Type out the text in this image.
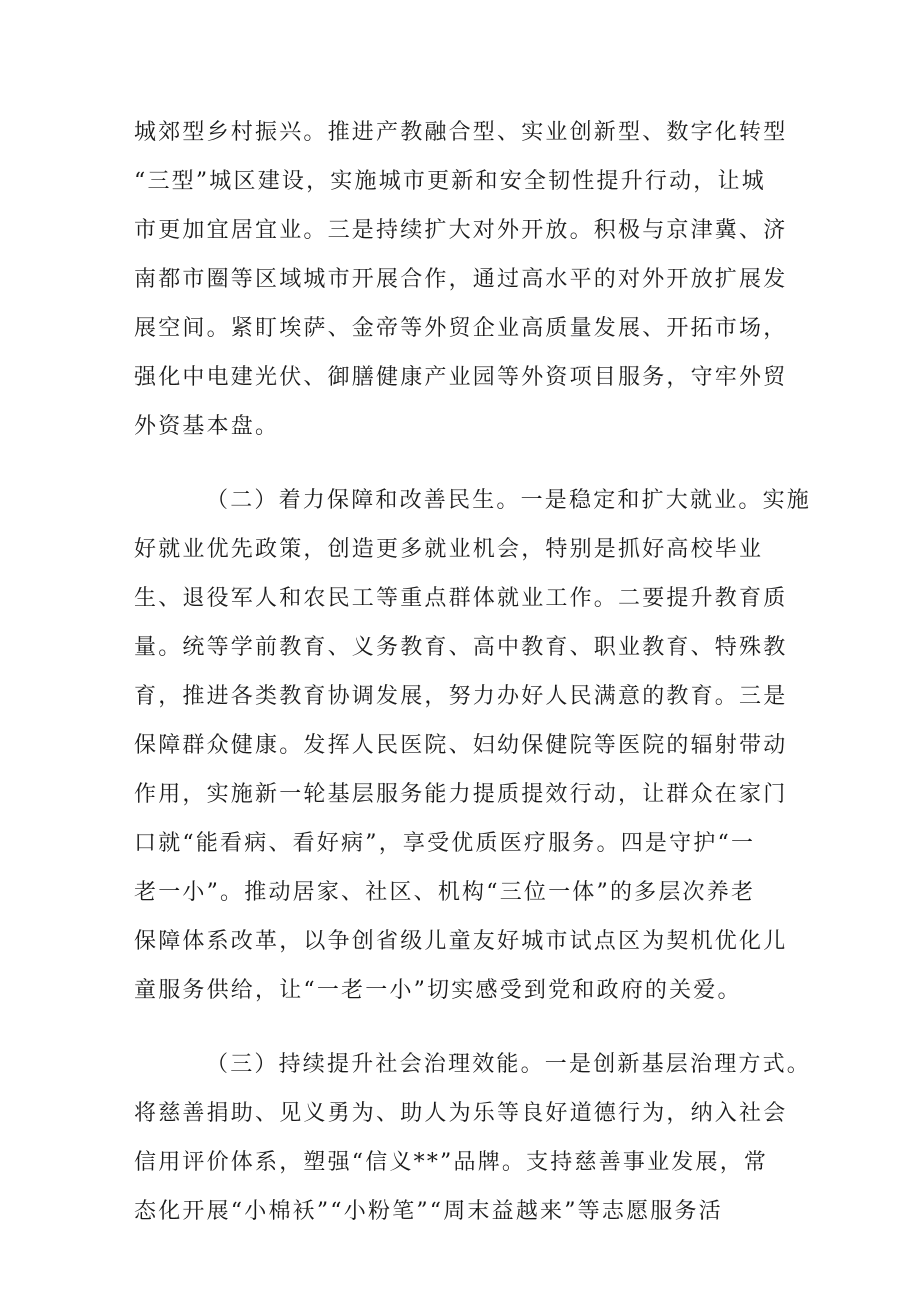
城郊型乡村振兴。推进产教融合型、实业创新型、数字化转型
“三型”城区建设，实施城市更新和安全韧性提升行动，让城
市更加宜居宜业。三是持续扩大对外开放。积极与京津冀、济
南都市圈等区域城市开展合作，通过高水平的对外开放扩展发
展空间。紧盯埃萨、金帝等外贸企业高质量发展、开拓市场，
强化中电建光伏、御膳健康产业园等外资项目服务，守牢外贸
外资基本盘。
（二）着力保障和改善民生。一是稳定和扩大就业。实施
好就业优先政策，创造更多就业机会，特别是抓好高校毕业
生、退役军人和农民工等重点群体就业工作。二要提升教育质
量。统等学前教育、义务教育、高中教育、职业教育、特殊教
育，推进各类教育协调发展，努力办好人民满意的教育。三是
保障群众健康。发挥人民医院、妇幼保健院等医院的辐射带动
作用，实施新一轮基层服务能力提质提效行动，让群众在家门
口就“能看病、看好病”，享受优质医疗服务。四是守护“一
老一小”。推动居家、社区、机构“三位一体”的多层次养老
保障体系改革，以争创省级儿童友好城市试点区为契机优化儿
童服务供给，让“一老一小”切实感受到党和政府的关爱。
（三）持续提升社会治理效能。一是创新基层治理方式。
将慈善捐助、见义勇为、助人为乐等良好道德行为，纳入社会
信用评价体系，塑强“信义**”品牌。支持慈善事业发展，常
态化开展“小棉袄”“小粉笔”“周末益越来”等志愿服务活
